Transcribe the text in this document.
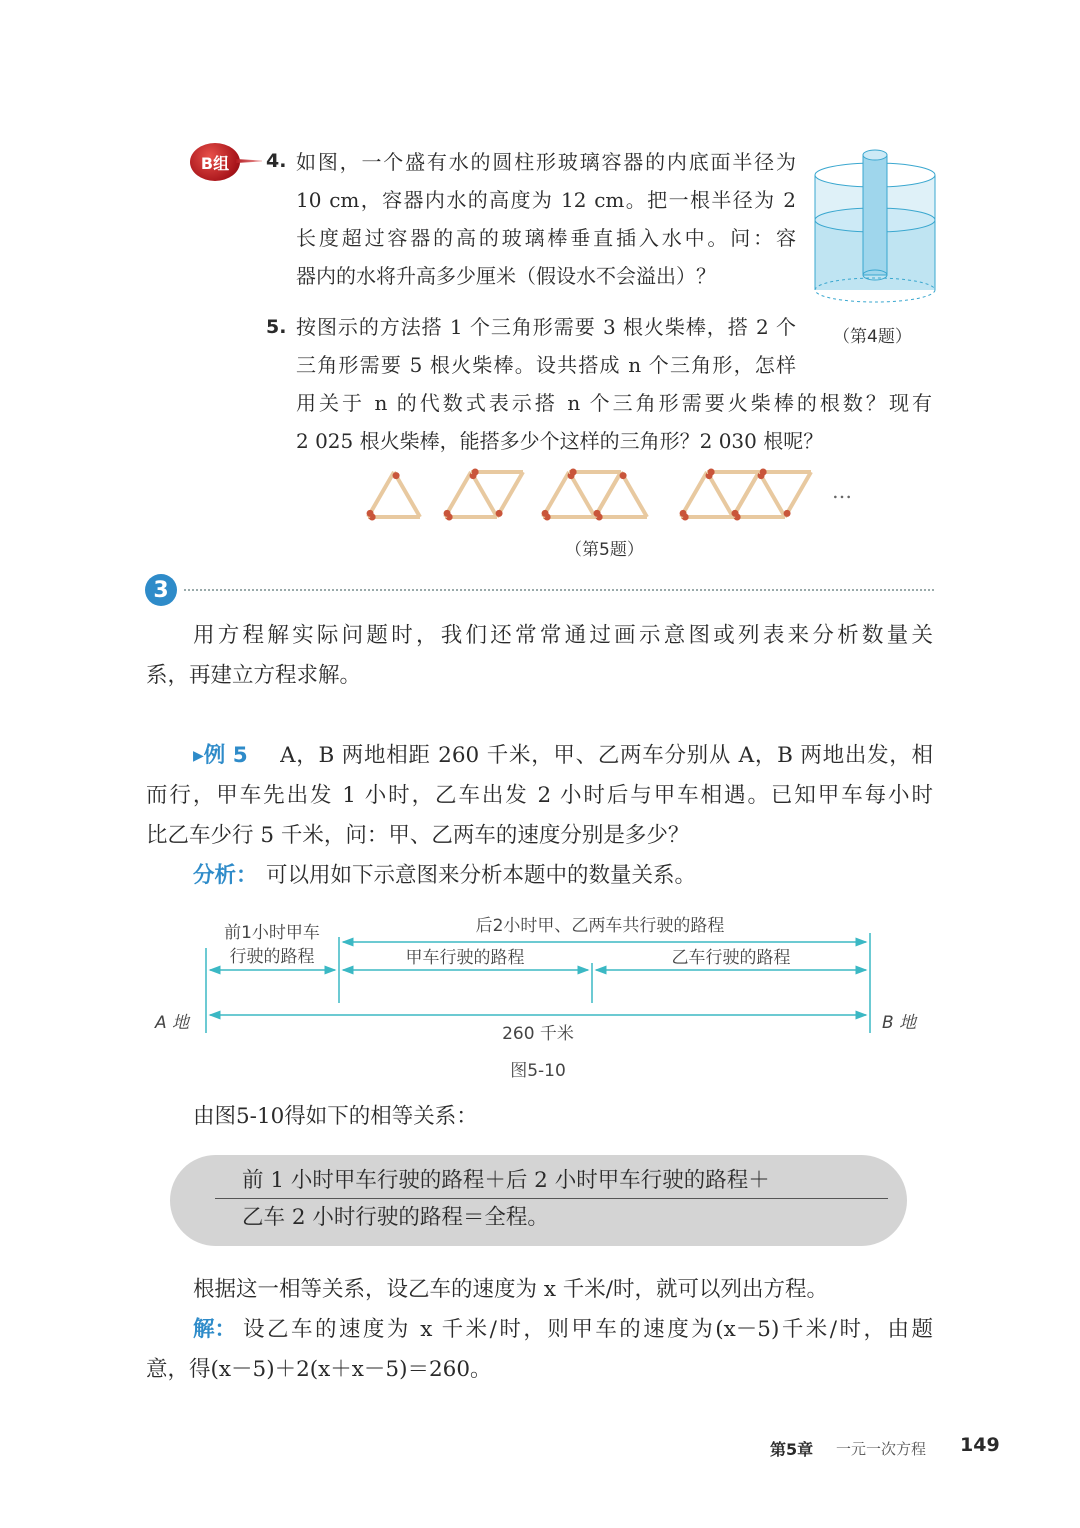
B组	4. 如图，一个盛有水的圆柱形玻璃容器的内底面半径为
10 cm，容器内水的高度为 12 cm。把一根半径为 2
长度超过容器的高的玻璃棒垂直插入水中。问：容
器内的水将升高多少厘米（假设水不会溢出）？
（第4题）
5. 按图示的方法搭 1 个三角形需要 3 根火柴棒，搭 2 个
三角形需要 5 根火柴棒。设共搭成 n 个三角形，怎样
用关于 n 的代数式表示搭 n 个三角形需要火柴棒的根数？现有
2 025 根火柴棒，能搭多少个这样的三角形？2 030 根呢？
…
（第5题）
3
用方程解实际问题时，我们还常常通过画示意图或列表来分析数量关
系，再建立方程求解。
▸例 5 A，B 两地相距 260 千米，甲、乙两车分别从 A，B 两地出发，相
而行，甲车先出发 1 小时，乙车出发 2 小时后与甲车相遇。已知甲车每小时
比乙车少行 5 千米，问：甲、乙两车的速度分别是多少？
分析： 可以用如下示意图来分析本题中的数量关系。
前1小时甲车
行驶的路程
后2小时甲、乙两车共行驶的路程
甲车行驶的路程	乙车行驶的路程
A 地	B 地
260 千米
图5-10
由图5-10得如下的相等关系：
前 1 小时甲车行驶的路程＋后 2 小时甲车行驶的路程＋
乙车 2 小时行驶的路程＝全程。
根据这一相等关系，设乙车的速度为 x 千米/时，就可以列出方程。
解： 设乙车的速度为 x 千米/时，则甲车的速度为(x－5)千米/时，由题
意，得(x－5)＋2(x＋x－5)＝260。
第5章 一元一次方程 149
